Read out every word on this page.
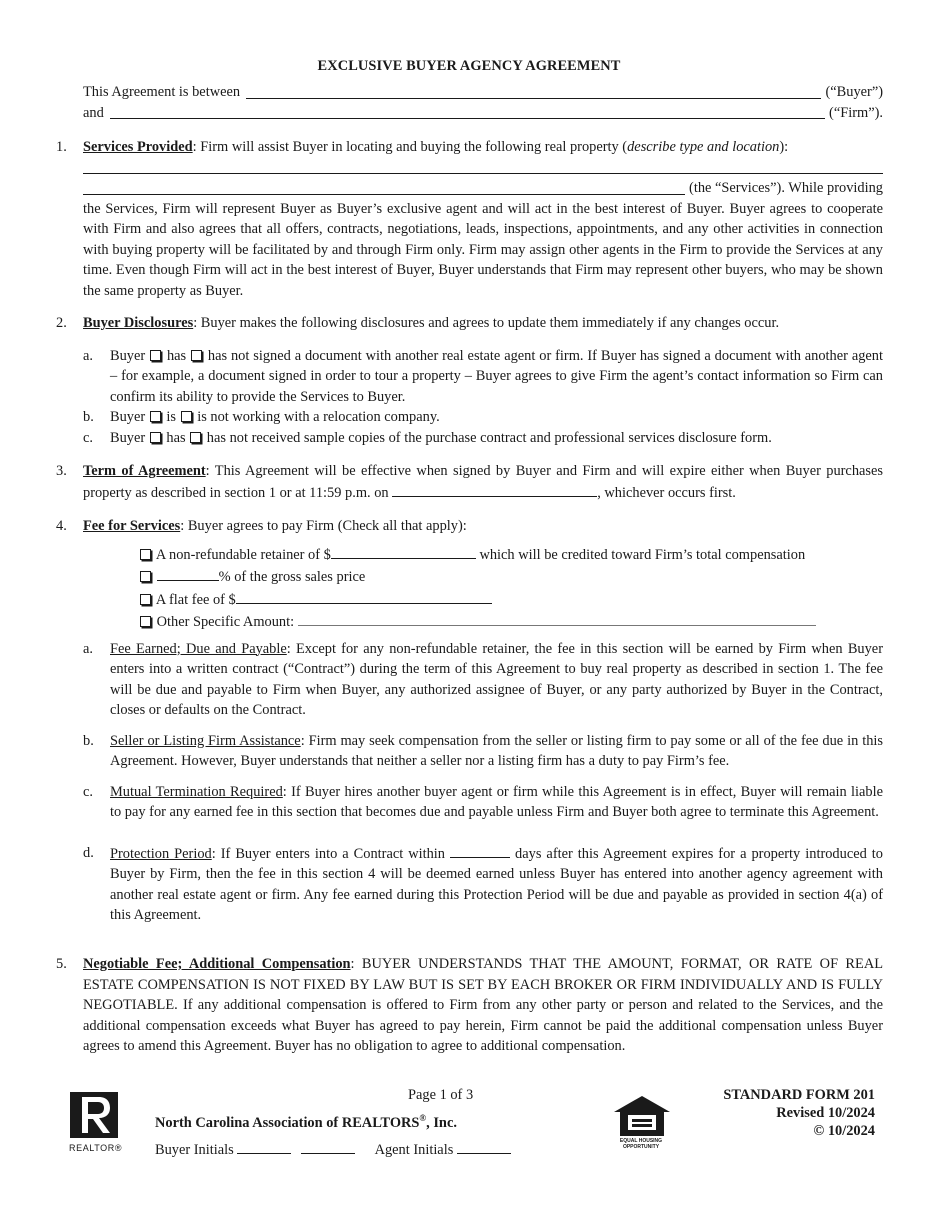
EXCLUSIVE BUYER AGENCY AGREEMENT
This Agreement is between	(“Buyer”)
and	(“Firm”).
1.	Services Provided: Firm will assist Buyer in locating and buying the following real property (describe type and location):
(the “Services”). While providing
the Services, Firm will represent Buyer as Buyer’s exclusive agent and will act in the best interest of Buyer. Buyer agrees to cooperate with Firm and also agrees that all offers, contracts, negotiations, leads, inspections, appointments, and any other activities in connection with buying property will be facilitated by and through Firm only. Firm may assign other agents in the Firm to provide the Services at any time. Even though Firm will act in the best interest of Buyer, Buyer understands that Firm may represent other buyers, who may be shown the same property as Buyer.
2.	Buyer Disclosures: Buyer makes the following disclosures and agrees to update them immediately if any changes occur.
a. Buyer has has not signed a document with another real estate agent or firm. If Buyer has signed a document with another agent – for example, a document signed in order to tour a property – Buyer agrees to give Firm the agent’s contact information so Firm can confirm its ability to provide the Services to Buyer.
b. Buyer is is not working with a relocation company.
c. Buyer has has not received sample copies of the purchase contract and professional services disclosure form.
3.	Term of Agreement: This Agreement will be effective when signed by Buyer and Firm and will expire either when Buyer purchases property as described in section 1 or at 11:59 p.m. on	, whichever occurs first.
4.	Fee for Services: Buyer agrees to pay Firm (Check all that apply):
A non-refundable retainer of $	which will be credited toward Firm’s total compensation
% of the gross sales price
A flat fee of $
Other Specific Amount:
a. Fee Earned; Due and Payable: Except for any non-refundable retainer, the fee in this section will be earned by Firm when Buyer enters into a written contract (“Contract”) during the term of this Agreement to buy real property as described in section 1. The fee will be due and payable to Firm when Buyer, any authorized assignee of Buyer, or any party authorized by Buyer in the Contract, closes or defaults on the Contract.
b. Seller or Listing Firm Assistance: Firm may seek compensation from the seller or listing firm to pay some or all of the fee due in this Agreement. However, Buyer understands that neither a seller nor a listing firm has a duty to pay Firm’s fee.
c. Mutual Termination Required: If Buyer hires another buyer agent or firm while this Agreement is in effect, Buyer will remain liable to pay for any earned fee in this section that becomes due and payable unless Firm and Buyer both agree to terminate this Agreement.
d. Protection Period: If Buyer enters into a Contract within	days after this Agreement expires for a property introduced to Buyer by Firm, then the fee in this section 4 will be deemed earned unless Buyer has entered into another agency agreement with another real estate agent or firm. Any fee earned during this Protection Period will be due and payable as provided in section 4(a) of this Agreement.
5.	Negotiable Fee; Additional Compensation: BUYER UNDERSTANDS THAT THE AMOUNT, FORMAT, OR RATE OF REAL ESTATE COMPENSATION IS NOT FIXED BY LAW BUT IS SET BY EACH BROKER OR FIRM INDIVIDUALLY AND IS FULLY NEGOTIABLE. If any additional compensation is offered to Firm from any other party or person and related to the Services, and the additional compensation exceeds what Buyer has agreed to pay herein, Firm cannot be paid the additional compensation unless Buyer agrees to amend this Agreement. Buyer has no obligation to agree to additional compensation.
REALTOR®
Page 1 of 3
North Carolina Association of REALTORS®, Inc.
Buyer Initials	Agent Initials
EQUAL HOUSING
OPPORTUNITY
STANDARD FORM 201
Revised 10/2024
© 10/2024
